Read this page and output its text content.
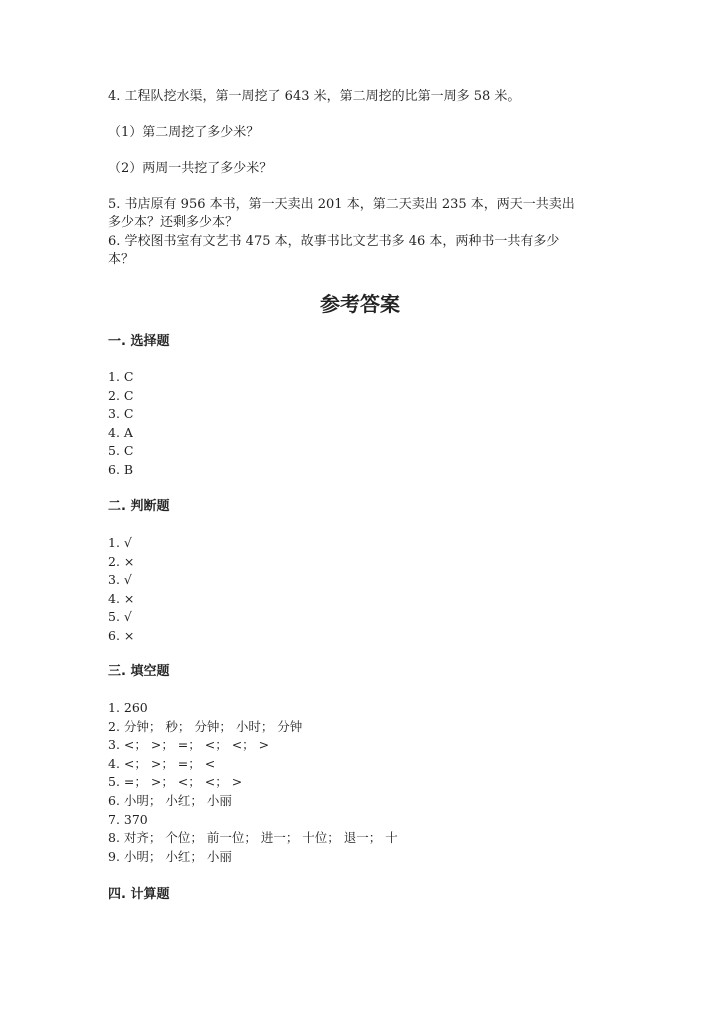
4. 工程队挖水渠，第一周挖了 643 米，第二周挖的比第一周多 58 米。
（1）第二周挖了多少米？
（2）两周一共挖了多少米？
5. 书店原有 956 本书，第一天卖出 201 本，第二天卖出 235 本，两天一共卖出
多少本？还剩多少本？
6. 学校图书室有文艺书 475 本，故事书比文艺书多 46 本，两种书一共有多少
本？
参考答案
一. 选择题
1. C
2. C
3. C
4. A
5. C
6. B
二. 判断题
1. √
2. ×
3. √
4. ×
5. √
6. ×
三. 填空题
1. 260
2. 分钟； 秒； 分钟； 小时； 分钟
3. <； >； =； <； <； >
4. <； >； =； <
5. =； >； <； <； >
6. 小明； 小红； 小丽
7. 370
8. 对齐； 个位； 前一位； 进一； 十位； 退一； 十
9. 小明； 小红； 小丽
四. 计算题
